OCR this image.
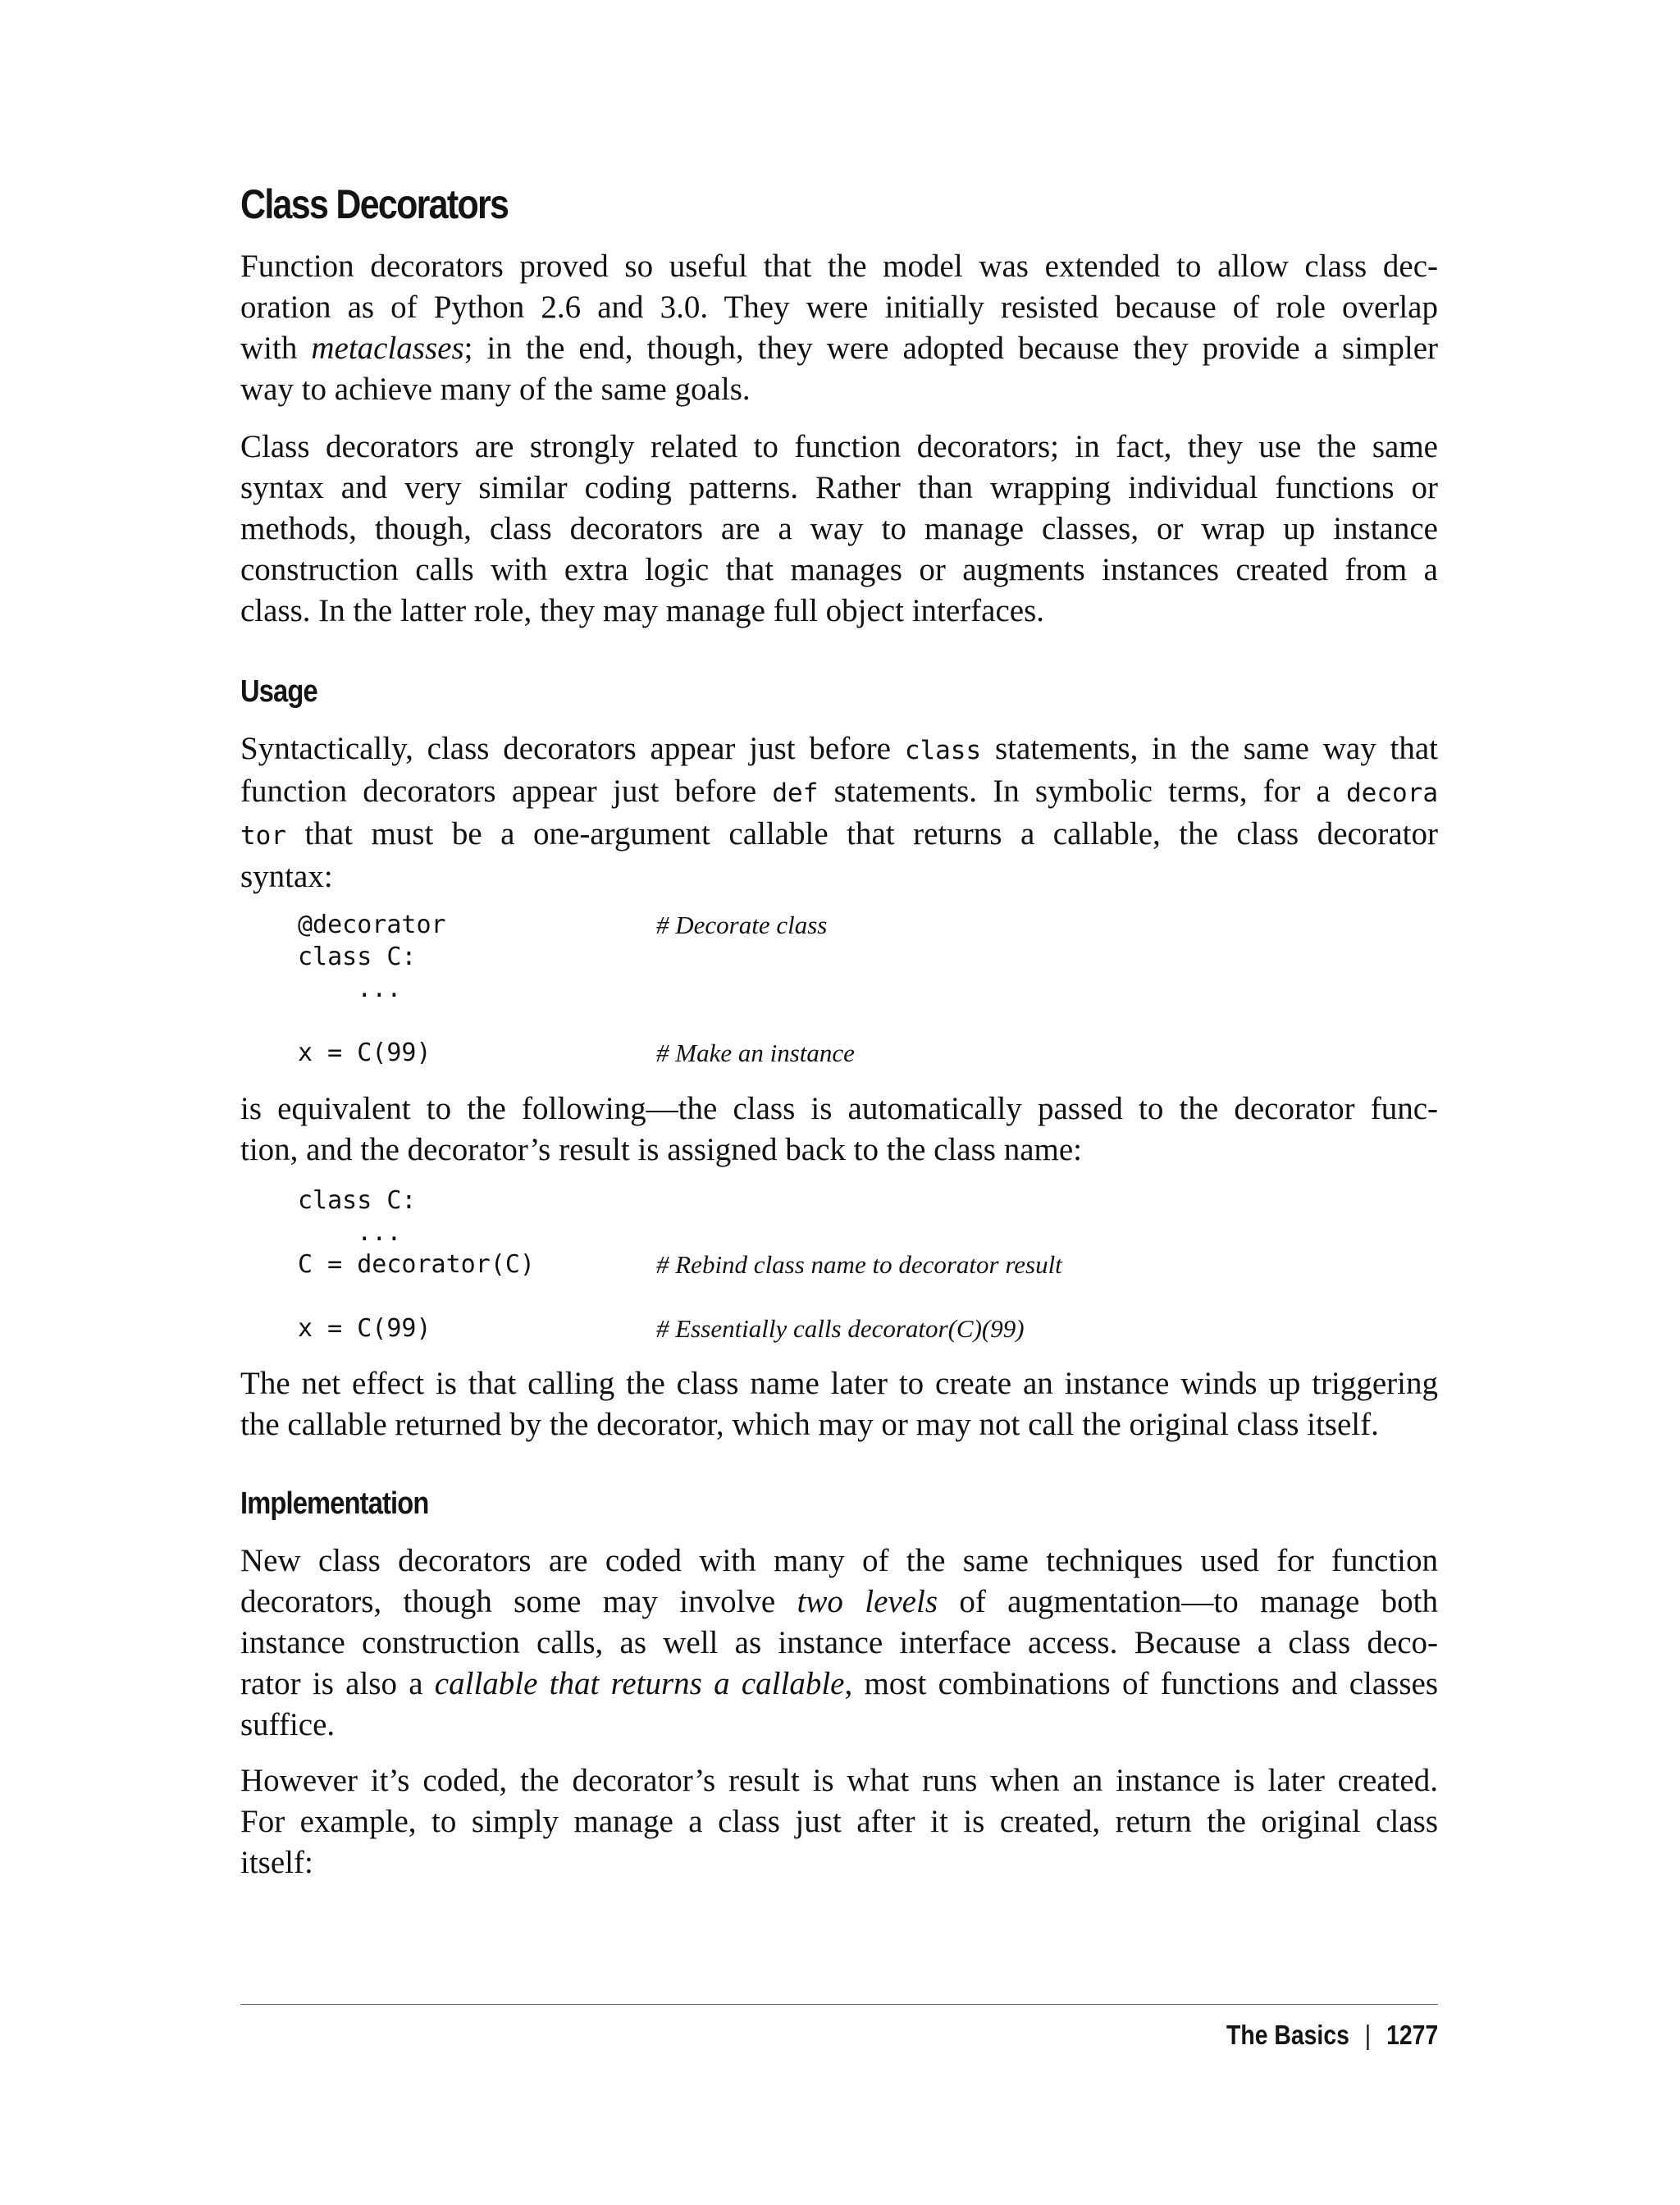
Class Decorators
Function decorators proved so useful that the model was extended to allow class dec-
oration as of Python 2.6 and 3.0. They were initially resisted because of role overlap
with metaclasses; in the end, though, they were adopted because they provide a simpler
way to achieve many of the same goals.
Class decorators are strongly related to function decorators; in fact, they use the same
syntax and very similar coding patterns. Rather than wrapping individual functions or
methods, though, class decorators are a way to manage classes, or wrap up instance
construction calls with extra logic that manages or augments instances created from a
class. In the latter role, they may manage full object interfaces.
Usage
Syntactically, class decorators appear just before class statements, in the same way that
function decorators appear just before def statements. In symbolic terms, for a decora
tor that must be a one-argument callable that returns a callable, the class decorator
syntax:
@decorator	# Decorate class
class C:
...
x = C(99)	# Make an instance
is equivalent to the following—the class is automatically passed to the decorator func-
tion, and the decorator’s result is assigned back to the class name:
class C:
...
C = decorator(C)	# Rebind class name to decorator result
x = C(99)	# Essentially calls decorator(C)(99)
The net effect is that calling the class name later to create an instance winds up triggering
the callable returned by the decorator, which may or may not call the original class itself.
Implementation
New class decorators are coded with many of the same techniques used for function
decorators, though some may involve two levels of augmentation—to manage both
instance construction calls, as well as instance interface access. Because a class deco-
rator is also a callable that returns a callable, most combinations of functions and classes
suffice.
However it’s coded, the decorator’s result is what runs when an instance is later created.
For example, to simply manage a class just after it is created, return the original class
itself:
The Basics | 1277
